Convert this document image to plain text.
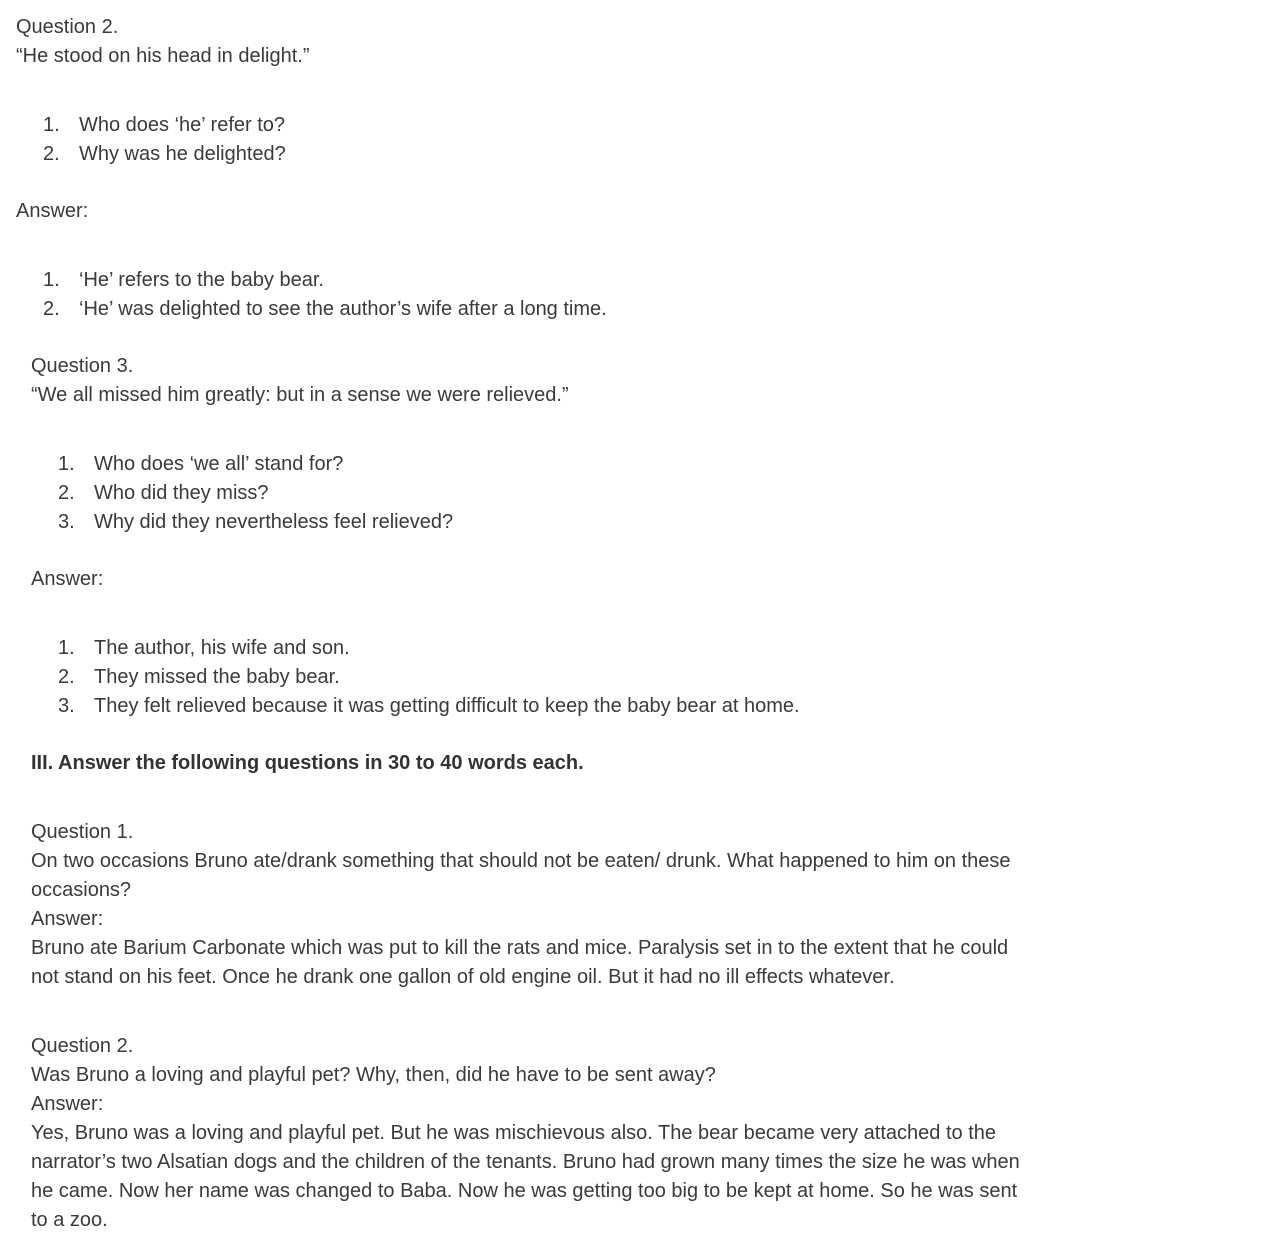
Question 2.
“He stood on his head in delight.”
1. Who does ‘he’ refer to?
2. Why was he delighted?
Answer:
1. ‘He’ refers to the baby bear.
2. ‘He’ was delighted to see the author’s wife after a long time.
Question 3.
“We all missed him greatly: but in a sense we were relieved.”
1. Who does ‘we all’ stand for?
2. Who did they miss?
3. Why did they nevertheless feel relieved?
Answer:
1. The author, his wife and son.
2. They missed the baby bear.
3. They felt relieved because it was getting difficult to keep the baby bear at home.
III. Answer the following questions in 30 to 40 words each.
Question 1.
On two occasions Bruno ate/drank something that should not be eaten/ drunk. What happened to him on these
occasions?
Answer:
Bruno ate Barium Carbonate which was put to kill the rats and mice. Paralysis set in to the extent that he could
not stand on his feet. Once he drank one gallon of old engine oil. But it had no ill effects whatever.
Question 2.
Was Bruno a loving and playful pet? Why, then, did he have to be sent away?
Answer:
Yes, Bruno was a loving and playful pet. But he was mischievous also. The bear became very attached to the
narrator’s two Alsatian dogs and the children of the tenants. Bruno had grown many times the size he was when
he came. Now her name was changed to Baba. Now he was getting too big to be kept at home. So he was sent
to a zoo.
